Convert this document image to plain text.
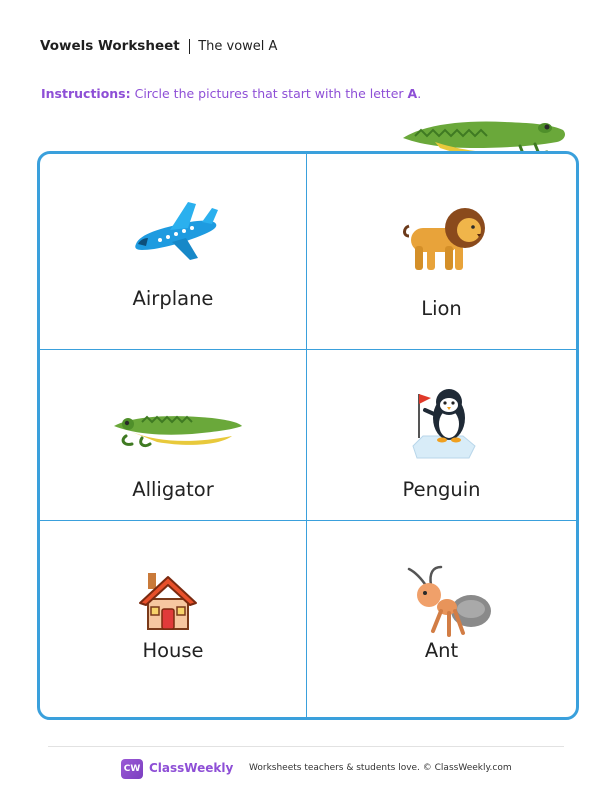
Vowels Worksheet The vowel A
Instructions: Circle the pictures that start with the letter A.
Airplane	Lion
Alligator	Penguin
House	Ant
CW ClassWeekly Worksheets teachers & students love. © ClassWeekly.com
